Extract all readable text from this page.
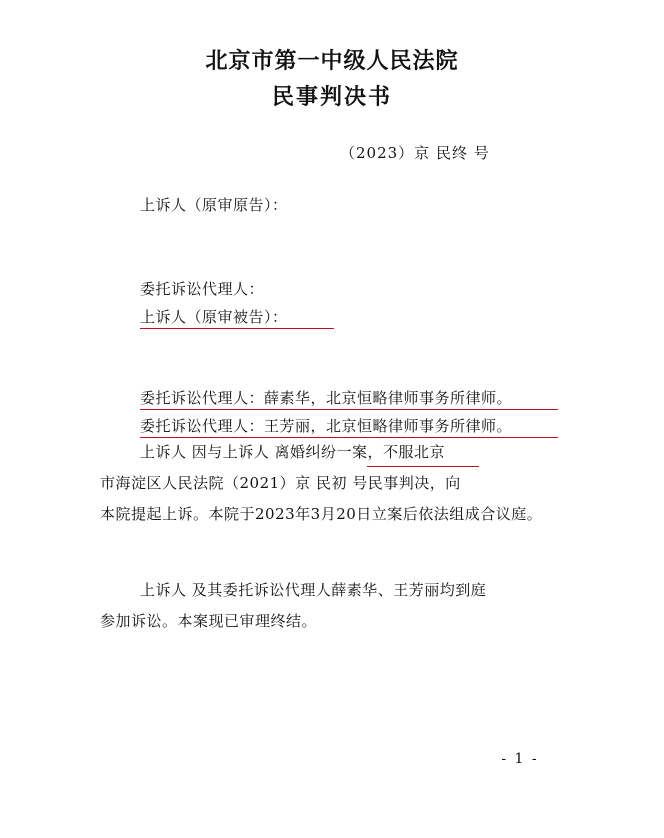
北京市第一中级人民法院
民事判决书
（2023）京 民终 号
上诉人（原审原告）：
委托诉讼代理人：
上诉人（原审被告）：
委托诉讼代理人：薛素华，北京恒略律师事务所律师。
委托诉讼代理人：王芳丽，北京恒略律师事务所律师。
上诉人 因与上诉人 离婚纠纷一案，不服北京
市海淀区人民法院（2021）京 民初 号民事判决，向
本院提起上诉。本院于2023年3月20日立案后依法组成合议庭。
上诉人 及其委托诉讼代理人薛素华、王芳丽均到庭
参加诉讼。本案现已审理终结。
- 1 -
